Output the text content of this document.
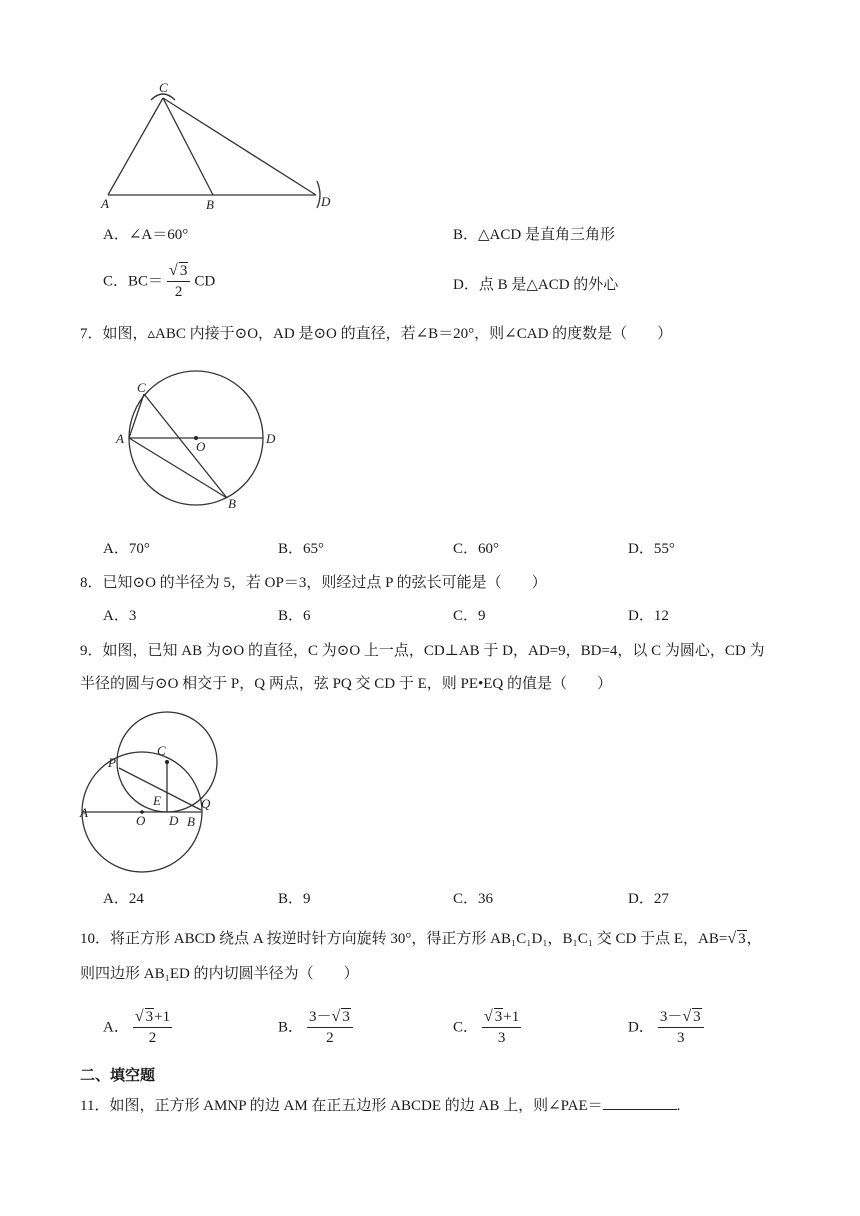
C
A	B	D
A．∠A＝60°	B．△ACD 是直角三角形
C．$BC= \frac{√ 3}{2}$ CD	D．点 B 是△ACD 的外心
7．如图，▵ABC 内接于⊙O，AD 是⊙O 的直径，若∠B＝20°，则∠CAD 的度数是（　　）
C
A
O
D
B
A．70°	B．65°	C．60°	D．55°
8．已知⊙O 的半径为 5，若 OP＝3，则经过点 P 的弦长可能是（　　）
A．3	B．6	C．9	D．12
9．如图，已知 AB 为⊙O 的直径，C 为⊙O 上一点，CD⊥AB 于 D，AD=9，BD=4，以 C 为圆心，CD 为
半径的圆与⊙O 相交于 P，Q 两点，弦 PQ 交 CD 于 E，则 PE•EQ 的值是（　　）
C
P
E	Q
A
O D B
A．24	B．9	C．36	D．27
10．将正方形 ABCD 绕点 A 按逆时针方向旋转 30°，得正方形 AB₁C₁D₁，B₁C₁ 交 CD 于点 E，AB=√ 3，
则四边形 AB₁ED 的内切圆半径为（　　）
A． $\frac{√ 3+1}{2}$	B． $\frac{3-√ 3}{2}$	C． $\frac{√ 3+1}{3}$	D． $\frac{3-√ 3}{3}$
二、填空题
11．如图，正方形 AMNP 的边 AM 在正五边形 ABCDE 的边 AB 上，则∠PAE＝	.
